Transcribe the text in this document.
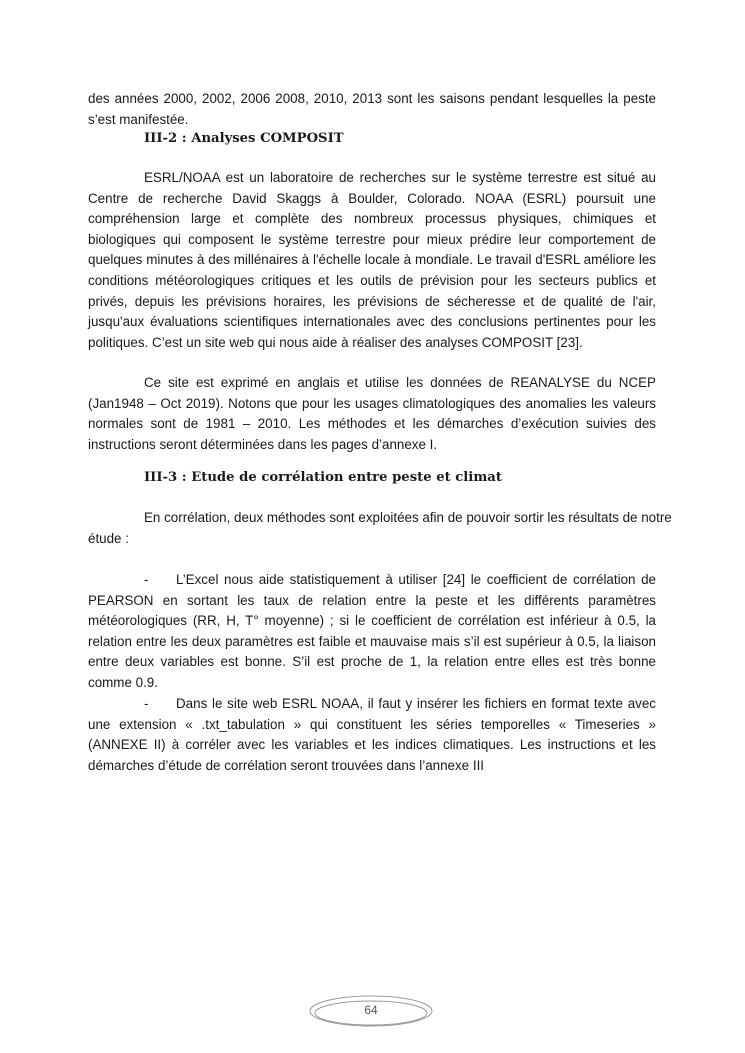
des années 2000, 2002, 2006 2008, 2010, 2013 sont les saisons pendant lesquelles la peste s’est manifestée.

III-2 : Analyses COMPOSIT

ESRL/NOAA est un laboratoire de recherches sur le système terrestre est situé au Centre de recherche David Skaggs à Boulder, Colorado. NOAA (ESRL) poursuit une compréhension large et complète des nombreux processus physiques, chimiques et biologiques qui composent le système terrestre pour mieux prédire leur comportement de quelques minutes à des millénaires à l'échelle locale à mondiale. Le travail d'ESRL améliore les conditions météorologiques critiques et les outils de prévision pour les secteurs publics et privés, depuis les prévisions horaires, les prévisions de sécheresse et de qualité de l'air, jusqu'aux évaluations scientifiques internationales avec des conclusions pertinentes pour les politiques. C’est un site web qui nous aide à réaliser des analyses COMPOSIT [23].

Ce site est exprimé en anglais et utilise les données de REANALYSE du NCEP (Jan1948 – Oct 2019). Notons que pour les usages climatologiques des anomalies les valeurs normales sont de 1981 – 2010. Les méthodes et les démarches d’exécution suivies des instructions seront déterminées dans les pages d’annexe I.

III-3 : Etude de corrélation entre peste et climat

En corrélation, deux méthodes sont exploitées afin de pouvoir sortir les résultats de notre étude :

- L’Excel nous aide statistiquement à utiliser [24] le coefficient de corrélation de PEARSON en sortant les taux de relation entre la peste et les différents paramètres météorologiques (RR, H, T° moyenne) ; si le coefficient de corrélation est inférieur à 0.5, la relation entre les deux paramètres est faible et mauvaise mais s’il est supérieur à 0.5, la liaison entre deux variables est bonne. S’il est proche de 1, la relation entre elles est très bonne comme 0.9.

- Dans le site web ESRL NOAA, il faut y insérer les fichiers en format texte avec une extension « .txt_tabulation » qui constituent les séries temporelles « Timeseries » (ANNEXE II) à corréler avec les variables et les indices climatiques. Les instructions et les démarches d’étude de corrélation seront trouvées dans l’annexe III

64
